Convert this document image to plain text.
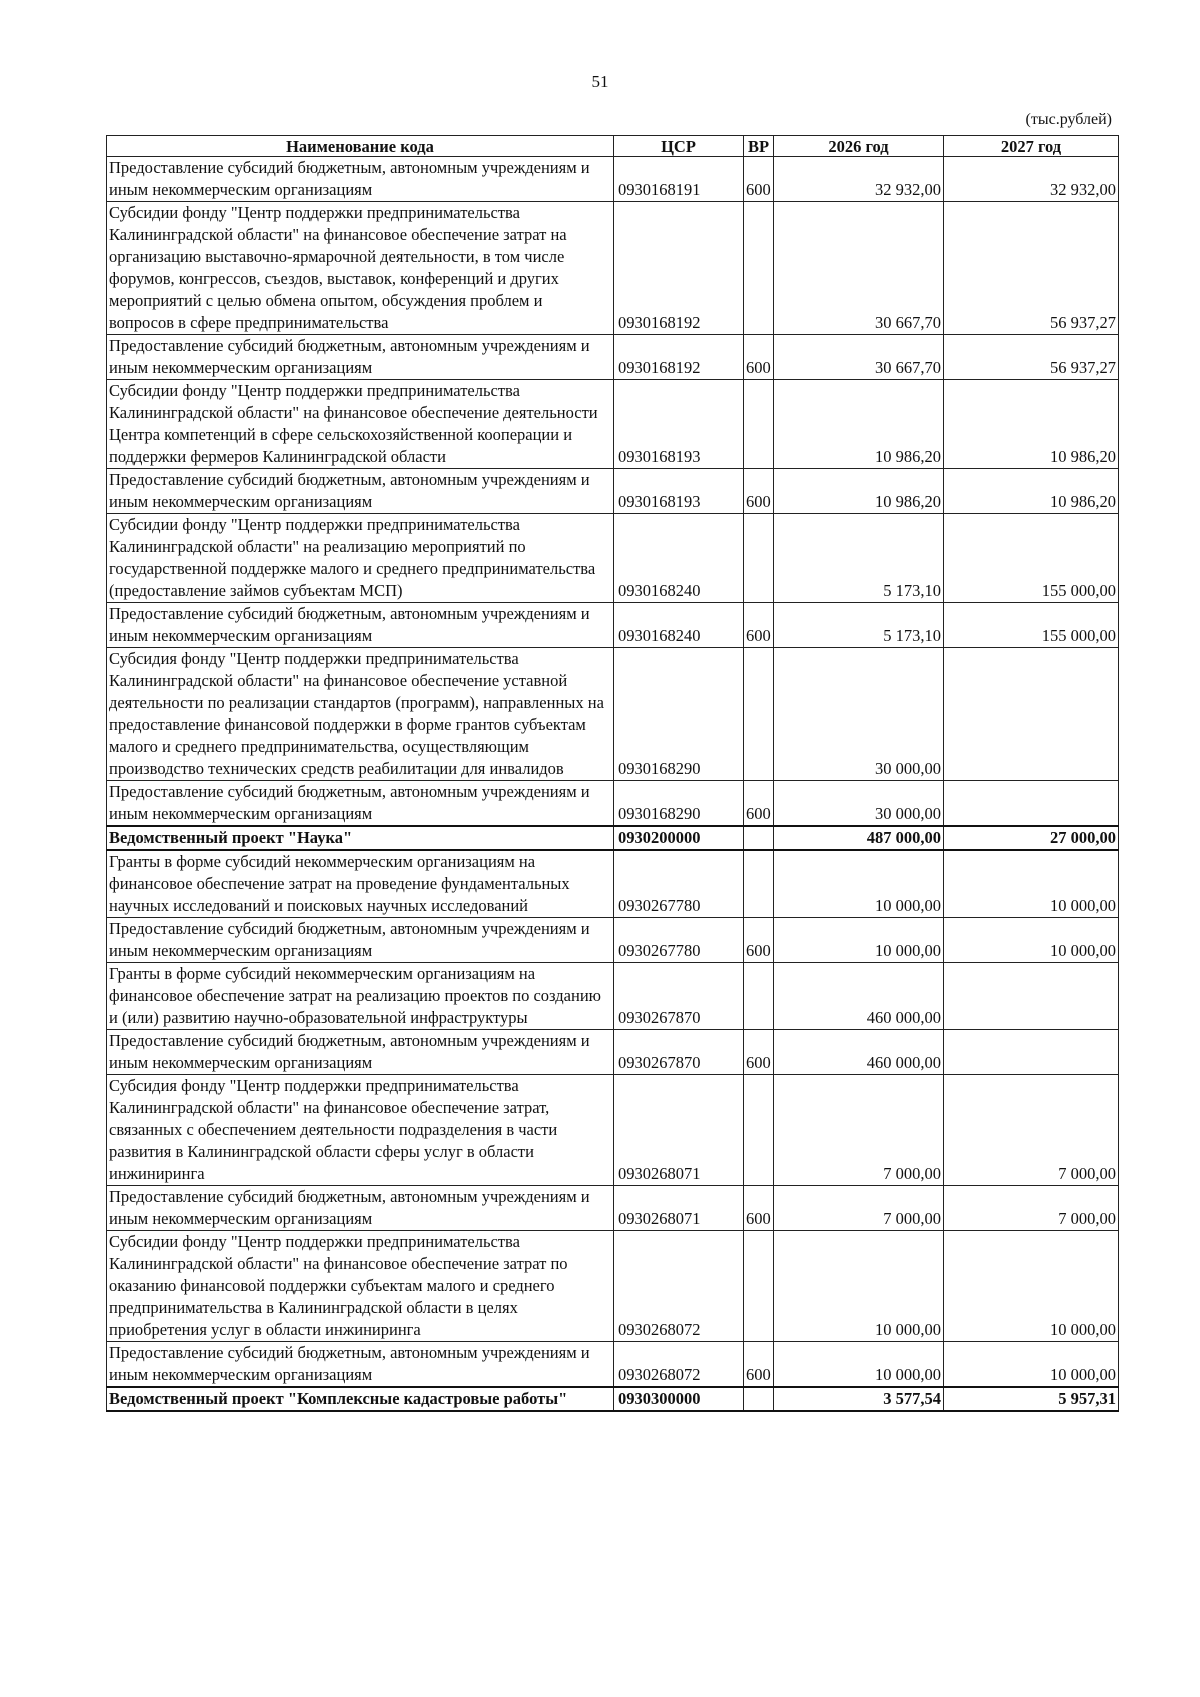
51
(тыс.рублей)
Наименование кода	ЦСР	ВР	2026 год	2027 год
Предоставление субсидий бюджетным, автономным учреждениям и иным некоммерческим организациям	0930168191	600	32 932,00	32 932,00
Субсидии фонду "Центр поддержки предпринимательства Калининградской области" на финансовое обеспечение затрат на организацию выставочно-ярмарочной деятельности, в том числе форумов, конгрессов, съездов, выставок, конференций и других мероприятий с целью обмена опытом, обсуждения проблем и вопросов в сфере предпринимательства	0930168192		30 667,70	56 937,27
Предоставление субсидий бюджетным, автономным учреждениям и иным некоммерческим организациям	0930168192	600	30 667,70	56 937,27
Субсидии фонду "Центр поддержки предпринимательства Калининградской области" на финансовое обеспечение деятельности Центра компетенций в сфере сельскохозяйственной кооперации и поддержки фермеров Калининградской области	0930168193		10 986,20	10 986,20
Предоставление субсидий бюджетным, автономным учреждениям и иным некоммерческим организациям	0930168193	600	10 986,20	10 986,20
Субсидии фонду "Центр поддержки предпринимательства Калининградской области" на реализацию мероприятий по государственной поддержке малого и среднего предпринимательства (предоставление займов субъектам МСП)	0930168240		5 173,10	155 000,00
Предоставление субсидий бюджетным, автономным учреждениям и иным некоммерческим организациям	0930168240	600	5 173,10	155 000,00
Субсидия фонду "Центр поддержки предпринимательства Калининградской области" на финансовое обеспечение уставной деятельности по реализации стандартов (программ), направленных на предоставление финансовой поддержки в форме грантов субъектам малого и среднего предпринимательства, осуществляющим производство технических средств реабилитации для инвалидов	0930168290		30 000,00	
Предоставление субсидий бюджетным, автономным учреждениям и иным некоммерческим организациям	0930168290	600	30 000,00	
Ведомственный проект "Наука"	0930200000		487 000,00	27 000,00
Гранты в форме субсидий некоммерческим организациям на финансовое обеспечение затрат на проведение фундаментальных научных исследований и поисковых научных исследований	0930267780		10 000,00	10 000,00
Предоставление субсидий бюджетным, автономным учреждениям и иным некоммерческим организациям	0930267780	600	10 000,00	10 000,00
Гранты в форме субсидий некоммерческим организациям на финансовое обеспечение затрат на реализацию проектов по созданию и (или) развитию научно-образовательной инфраструктуры	0930267870		460 000,00	
Предоставление субсидий бюджетным, автономным учреждениям и иным некоммерческим организациям	0930267870	600	460 000,00	
Субсидия фонду "Центр поддержки предпринимательства Калининградской области" на финансовое обеспечение затрат, связанных с обеспечением деятельности подразделения в части развития в Калининградской области сферы услуг в области инжиниринга	0930268071		7 000,00	7 000,00
Предоставление субсидий бюджетным, автономным учреждениям и иным некоммерческим организациям	0930268071	600	7 000,00	7 000,00
Субсидии фонду "Центр поддержки предпринимательства Калининградской области" на финансовое обеспечение затрат по оказанию финансовой поддержки субъектам малого и среднего предпринимательства в Калининградской области в целях приобретения услуг в области инжиниринга	0930268072		10 000,00	10 000,00
Предоставление субсидий бюджетным, автономным учреждениям и иным некоммерческим организациям	0930268072	600	10 000,00	10 000,00
Ведомственный проект "Комплексные кадастровые работы"	0930300000		3 577,54	5 957,31
